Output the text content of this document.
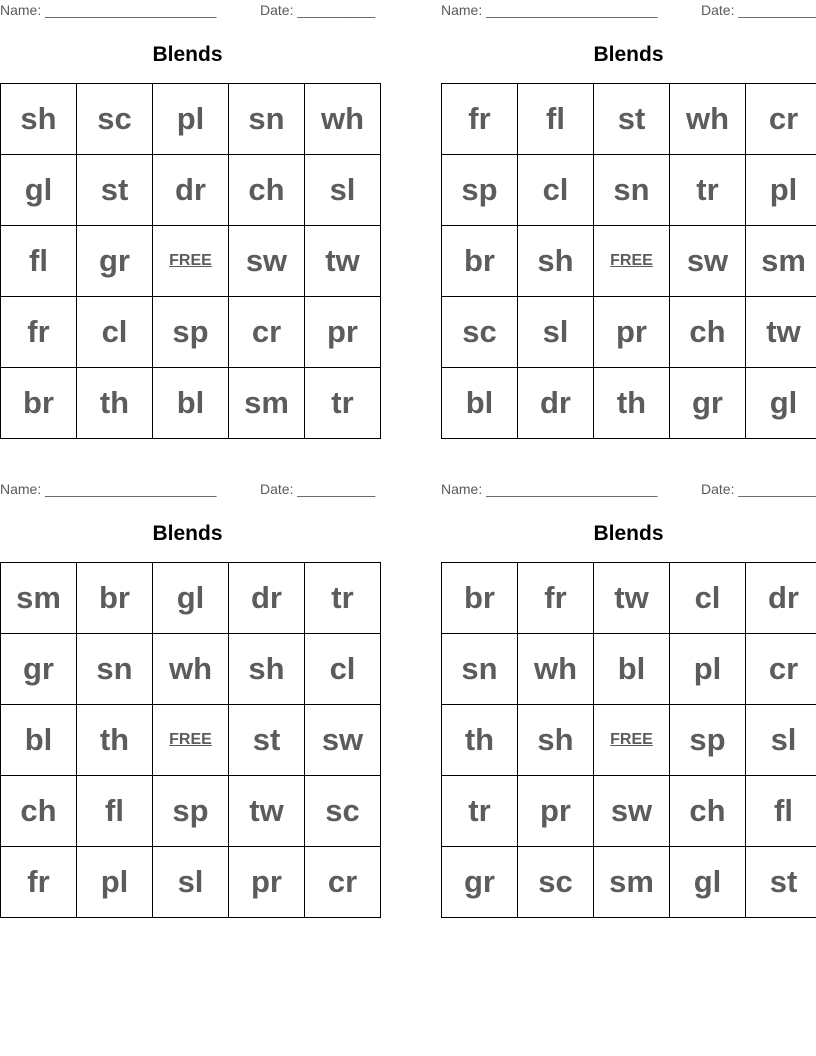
Name: ______________________	Date: __________
Blends
sh	sc	pl	sn	wh
gl	st	dr	ch	sl
fl	gr	FREE	sw	tw
fr	cl	sp	cr	pr
br	th	bl	sm	tr
Name: ______________________	Date: __________
Blends
fr	fl	st	wh	cr
sp	cl	sn	tr	pl
br	sh	FREE	sw	sm
sc	sl	pr	ch	tw
bl	dr	th	gr	gl
Name: ______________________	Date: __________
Blends
sm	br	gl	dr	tr
gr	sn	wh	sh	cl
bl	th	FREE	st	sw
ch	fl	sp	tw	sc
fr	pl	sl	pr	cr
Name: ______________________	Date: __________
Blends
br	fr	tw	cl	dr
sn	wh	bl	pl	cr
th	sh	FREE	sp	sl
tr	pr	sw	ch	fl
gr	sc	sm	gl	st
